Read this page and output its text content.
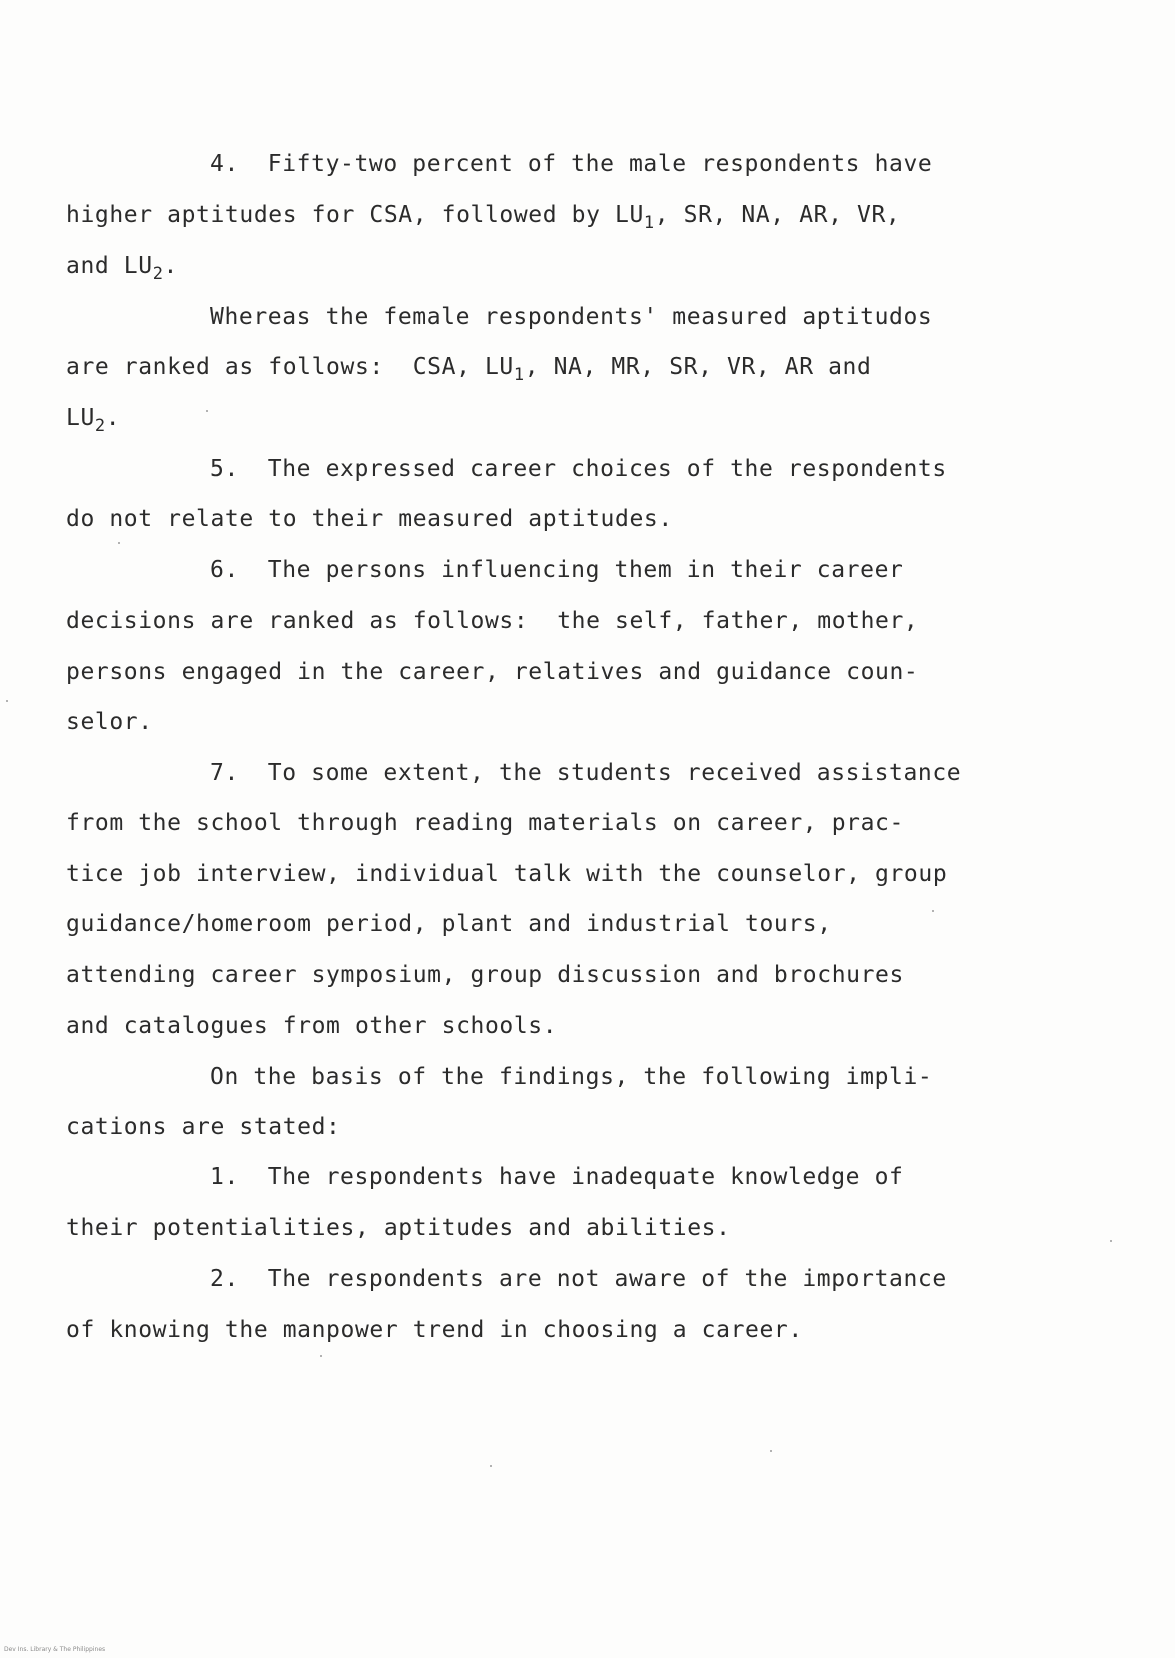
4.  Fifty-two percent of the male respondents have
higher aptitudes for CSA, followed by $LU_1$, SR, NA, AR, VR,
and $LU_2$.
Whereas the female respondents' measured aptitudos
are ranked as follows:  CSA, $LU_1$, NA, MR, SR, VR, AR and
$LU_2$.
5.  The expressed career choices of the respondents
do not relate to their measured aptitudes.
6.  The persons influencing them in their career
decisions are ranked as follows:  the self, father, mother,
persons engaged in the career, relatives and guidance coun-
selor.
7.  To some extent, the students received assistance
from the school through reading materials on career, prac-
tice job interview, individual talk with the counselor, group
guidance/homeroom period, plant and industrial tours,
attending career symposium, group discussion and brochures
and catalogues from other schools.
On the basis of the findings, the following impli-
cations are stated:
1.  The respondents have inadequate knowledge of
their potentialities, aptitudes and abilities.
2.  The respondents are not aware of the importance
of knowing the manpower trend in choosing a career.
Dev Ins. Library & The Philippines
